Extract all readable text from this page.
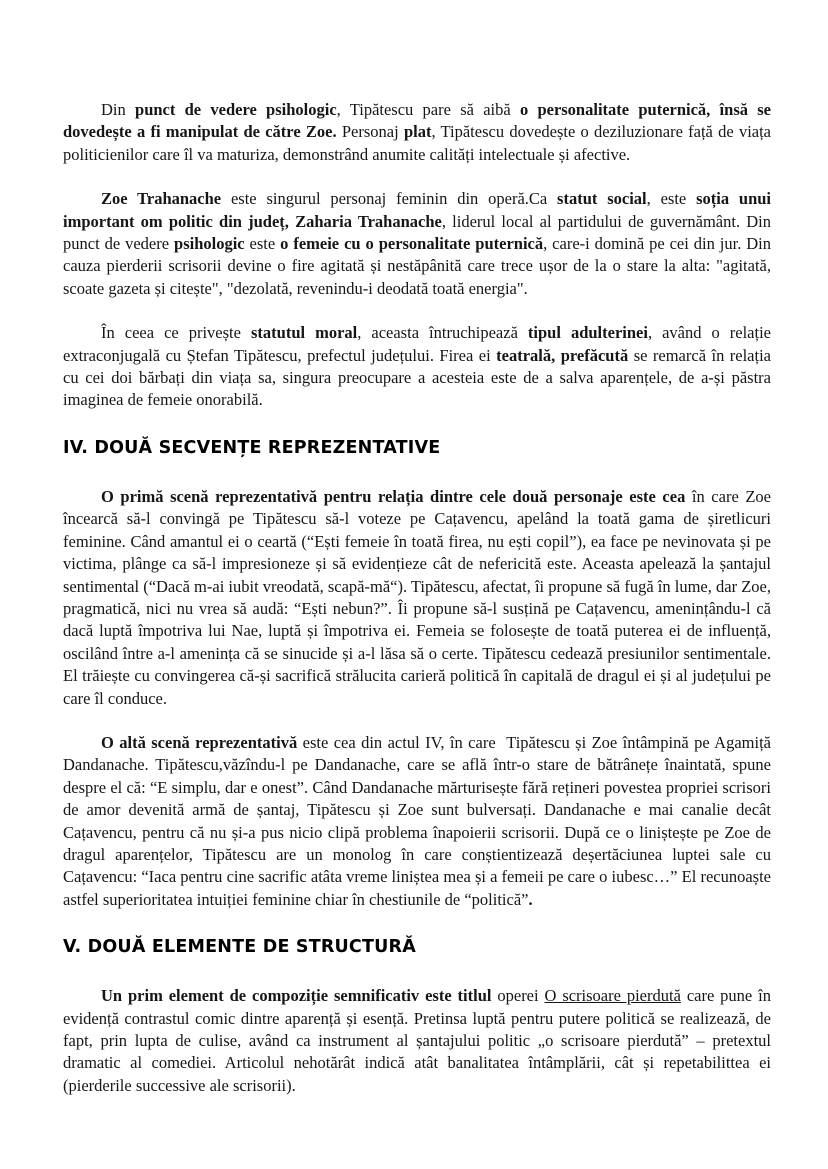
Din punct de vedere psihologic, Tipătescu pare să aibă o personalitate puternică, însă se dovedește a fi manipulat de către Zoe. Personaj plat, Tipătescu dovedește o deziluzionare față de viața politicienilor care îl va maturiza, demonstrând anumite calități intelectuale și afective.

Zoe Trahanache este singurul personaj feminin din operă.Ca statut social, este soția unui important om politic din județ, Zaharia Trahanache, liderul local al partidului de guvernământ. Din punct de vedere psihologic este o femeie cu o personalitate puternică, care-i domină pe cei din jur. Din cauza pierderii scrisorii devine o fire agitată și nestăpânită care trece ușor de la o stare la alta: "agitată, scoate gazeta și citește", "dezolată, revenindu-i deodată toată energia".

În ceea ce privește statutul moral, aceasta întruchipează tipul adulterinei, având o relație extraconjugală cu Ștefan Tipătescu, prefectul județului. Firea ei teatrală, prefăcută se remarcă în relația cu cei doi bărbați din viața sa, singura preocupare a acesteia este de a salva aparențele, de a-și păstra imaginea de femeie onorabilă.

IV. DOUĂ SECVENȚE REPREZENTATIVE

O primă scenă reprezentativă pentru relația dintre cele două personaje este cea în care Zoe încearcă să-l convingă pe Tipătescu să-l voteze pe Cațavencu, apelând la toată gama de șiretlicuri feminine. Când amantul ei o ceartă (“Ești femeie în toată firea, nu ești copil”), ea face pe nevinovata și pe victima, plânge ca să-l impresioneze și să evidențieze cât de nefericită este. Aceasta apelează la șantajul sentimental (“Dacă m-ai iubit vreodată, scapă-mă“). Tipătescu, afectat, îi propune să fugă în lume, dar Zoe, pragmatică, nici nu vrea să audă: “Ești nebun?”. Îi propune să-l susțină pe Cațavencu, amenințându-l că dacă luptă împotriva lui Nae, luptă și împotriva ei. Femeia se folosește de toată puterea ei de influență, oscilând între a-l amenința că se sinucide și a-l lăsa să o certe. Tipătescu cedează presiunilor sentimentale. El trăiește cu convingerea că-și sacrifică strălucita carieră politică în capitală de dragul ei și al județului pe care îl conduce.

O altă scenă reprezentativă este cea din actul IV, în care  Tipătescu și Zoe întâmpină pe Agamiță Dandanache. Tipătescu,văzîndu-l pe Dandanache, care se află într-o stare de bătrânețe înaintată, spune despre el că: “E simplu, dar e onest”. Când Dandanache mărturisește fără rețineri povestea propriei scrisori de amor devenită armă de șantaj, Tipătescu și Zoe sunt bulversați. Dandanache e mai canalie decât Cațavencu, pentru că nu și-a pus nicio clipă problema înapoierii scrisorii. După ce o liniștește pe Zoe de dragul aparențelor, Tipătescu are un monolog în care conștientizează deșertăciunea luptei sale cu Cațavencu: “Iaca pentru cine sacrific atâta vreme liniștea mea și a femeii pe care o iubesc…” El recunoaște astfel superioritatea intuiției feminine chiar în chestiunile de “politică”.

V. DOUĂ ELEMENTE DE STRUCTURĂ

Un prim element de compoziție semnificativ este titlul operei O scrisoare pierdută care pune în evidență contrastul comic dintre aparență și esență. Pretinsa luptă pentru putere politică se realizează, de fapt, prin lupta de culise, având ca instrument al șantajului politic „o scrisoare pierdută” – pretextul dramatic al comediei. Articolul nehotărât indică atât banalitatea întâmplării, cât și repetabilittea ei (pierderile successive ale scrisorii).
